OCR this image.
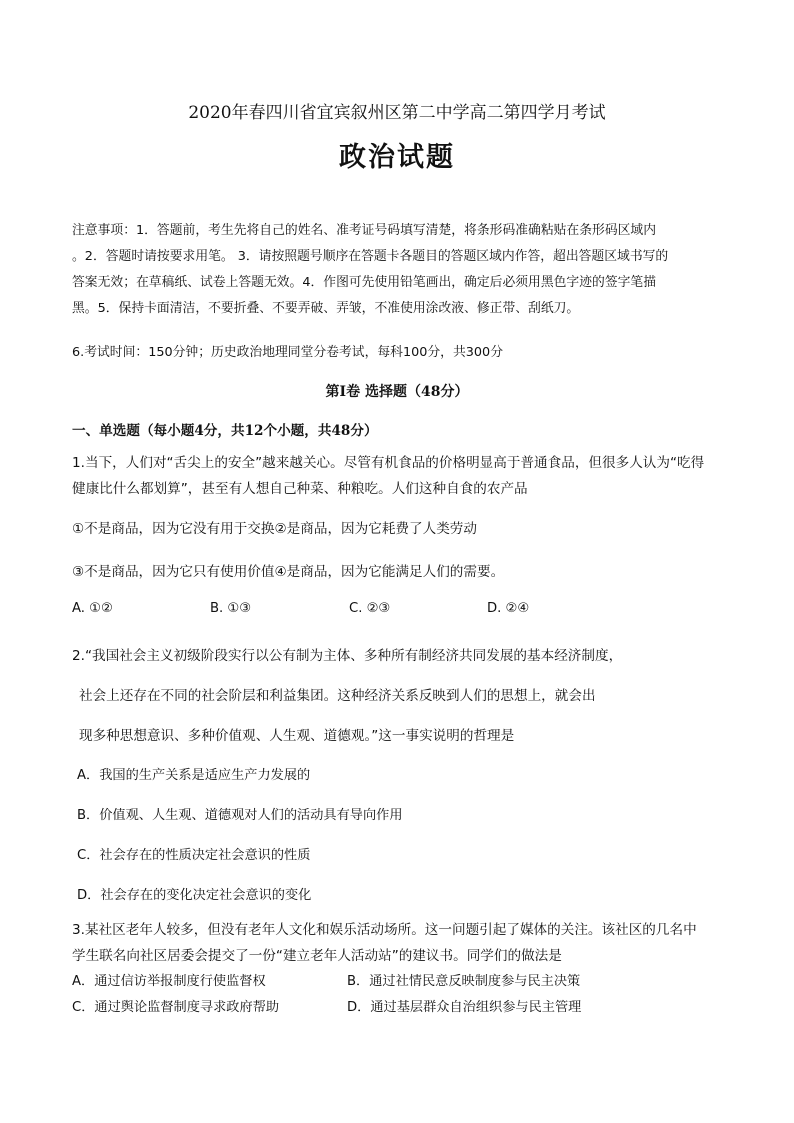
2020年春四川省宜宾叙州区第二中学高二第四学月考试
政治试题
注意事项：1．答题前，考生先将自己的姓名、准考证号码填写清楚，将条形码准确粘贴在条形码区域内
。2．答题时请按要求用笔。 3．请按照题号顺序在答题卡各题目的答题区域内作答，超出答题区域书写的
答案无效；在草稿纸、试卷上答题无效。4．作图可先使用铅笔画出，确定后必须用黑色字迹的签字笔描
黑。5．保持卡面清洁，不要折叠、不要弄破、弄皱，不准使用涂改液、修正带、刮纸刀。
6.考试时间：150分钟；历史政治地理同堂分卷考试，每科100分，共300分
第Ⅰ卷 选择题（48分）
一、单选题（每小题4分，共12个小题，共48分）
1.当下，人们对“舌尖上的安全”越来越关心。尽管有机食品的价格明显高于普通食品，但很多人认为“吃得
健康比什么都划算”，甚至有人想自己种菜、种粮吃。人们这种自食的农产品
①不是商品，因为它没有用于交换②是商品，因为它耗费了人类劳动
③不是商品，因为它只有使用价值④是商品，因为它能满足人们的需要。
A. ①②	B. ①③	C. ②③	D. ②④
2.“我国社会主义初级阶段实行以公有制为主体、多种所有制经济共同发展的基本经济制度，
社会上还存在不同的社会阶层和利益集团。这种经济关系反映到人们的思想上，就会出
现多种思想意识、多种价值观、人生观、道德观。”这一事实说明的哲理是
A．我国的生产关系是适应生产力发展的
B．价值观、人生观、道德观对人们的活动具有导向作用
C．社会存在的性质决定社会意识的性质
D．社会存在的变化决定社会意识的变化
3.某社区老年人较多，但没有老年人文化和娱乐活动场所。这一问题引起了媒体的关注。该社区的几名中
学生联名向社区居委会提交了一份“建立老年人活动站”的建议书。同学们的做法是
A．通过信访举报制度行使监督权	B．通过社情民意反映制度参与民主决策
C．通过舆论监督制度寻求政府帮助	D．通过基层群众自治组织参与民主管理
